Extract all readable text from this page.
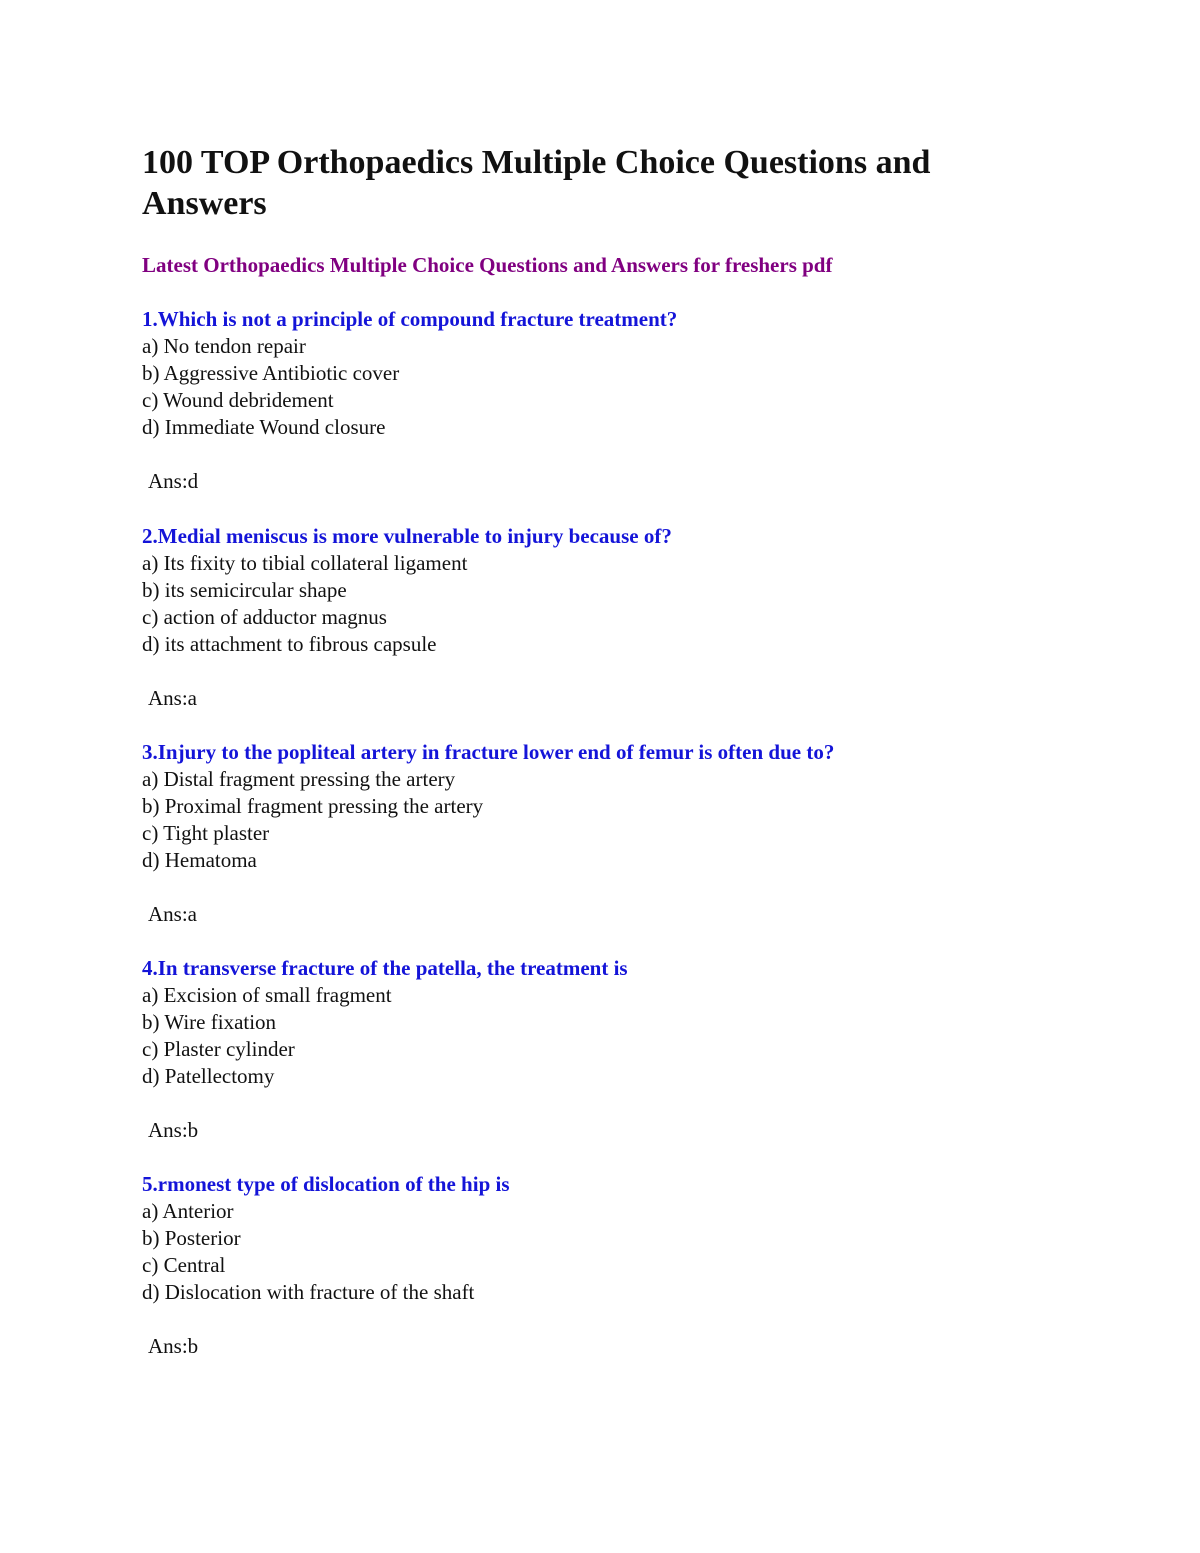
100 TOP Orthopaedics Multiple Choice Questions and Answers

Latest Orthopaedics Multiple Choice Questions and Answers for freshers pdf

1.Which is not a principle of compound fracture treatment?
a) No tendon repair
b) Aggressive Antibiotic cover
c) Wound debridement
d) Immediate Wound closure
Ans:d
2.Medial meniscus is more vulnerable to injury because of?
a) Its fixity to tibial collateral ligament
b) its semicircular shape
c) action of adductor magnus
d) its attachment to fibrous capsule
Ans:a
3.Injury to the popliteal artery in fracture lower end of femur is often due to?
a) Distal fragment pressing the artery
b) Proximal fragment pressing the artery
c) Tight plaster
d) Hematoma
Ans:a
4.In transverse fracture of the patella, the treatment is
a) Excision of small fragment
b) Wire fixation
c) Plaster cylinder
d) Patellectomy
Ans:b
5.rmonest type of dislocation of the hip is
a) Anterior
b) Posterior
c) Central
d) Dislocation with fracture of the shaft
Ans:b
